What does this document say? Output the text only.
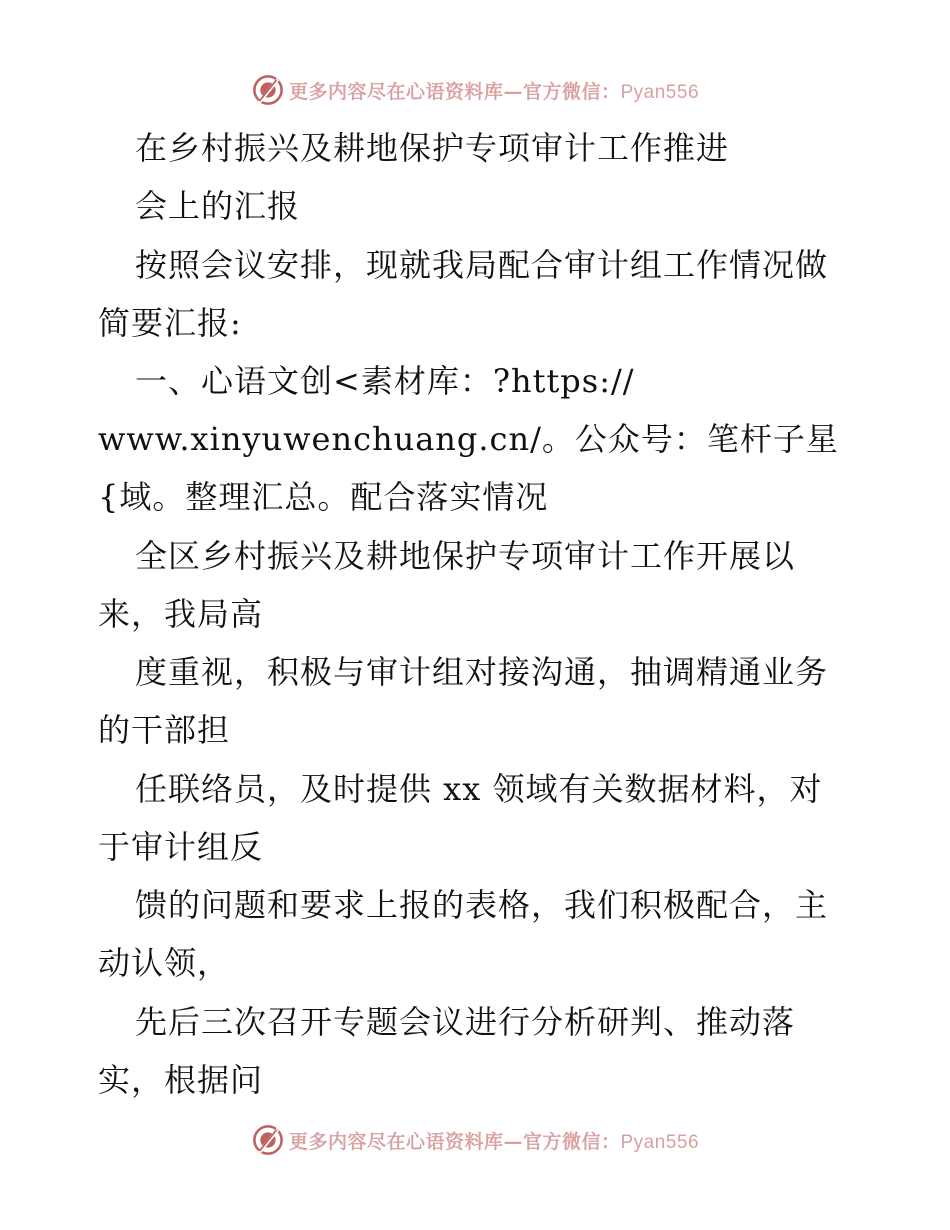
更多内容尽在心语资料库—官方微信：Pyan556
在乡村振兴及耕地保护专项审计工作推进
会上的汇报
按照会议安排，现就我局配合审计组工作情况做
简要汇报:
一、心语文创<素材库：?https://
www.xinyuwenchuang.cn/。公众号：笔杆子星
{域。整理汇总。配合落实情况
全区乡村振兴及耕地保护专项审计工作开展以
来，我局高
度重视，积极与审计组对接沟通，抽调精通业务
的干部担
任联络员，及时提供 xx 领域有关数据材料，对
于审计组反
馈的问题和要求上报的表格，我们积极配合，主
动认领，
先后三次召开专题会议进行分析研判、推动落
实，根据问
更多内容尽在心语资料库—官方微信：Pyan556
